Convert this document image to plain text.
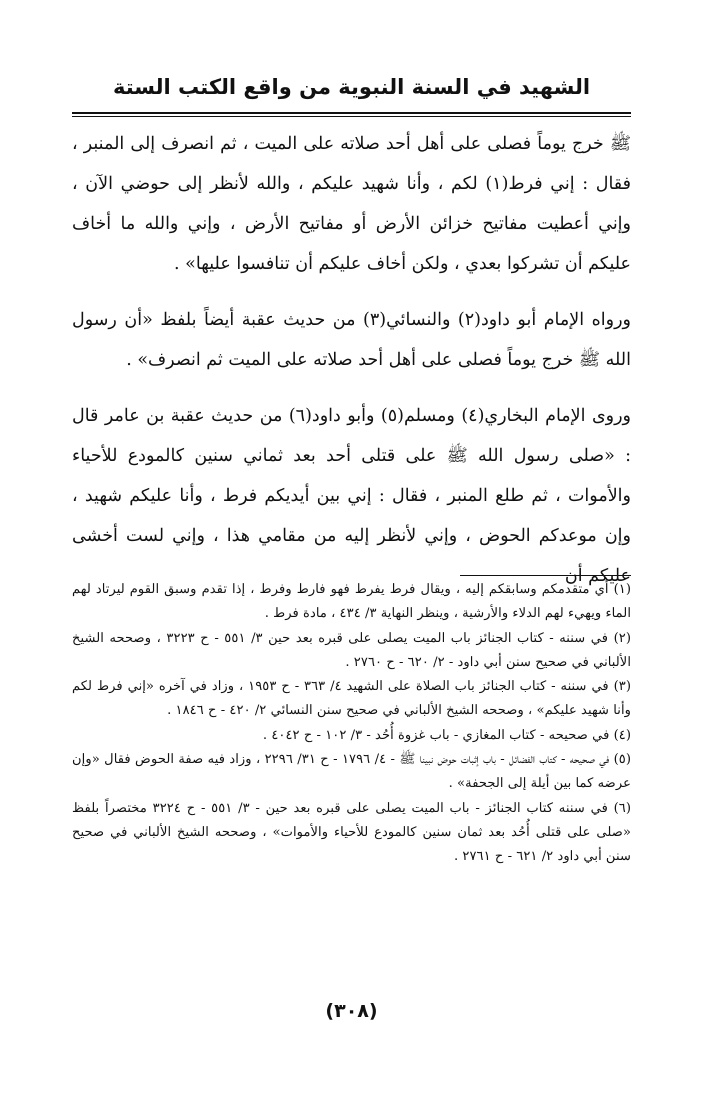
الشهيد في السنة النبوية من واقع الكتب الستة

ﷺ خرج يوماً فصلى على أهل أحد صلاته على الميت ، ثم انصرف إلى المنبر ، فقال : إني فرط(١) لكم ، وأنا شهيد عليكم ، والله لأنظر إلى حوضي الآن ، وإني أعطيت مفاتيح خزائن الأرض أو مفاتيح الأرض ، وإني والله ما أخاف عليكم أن تشركوا بعدي ، ولكن أخاف عليكم أن تنافسوا عليها» .

ورواه الإمام أبو داود(٢) والنسائي(٣) من حديث عقبة أيضاً بلفظ «أن رسول الله ﷺ خرج يوماً فصلى على أهل أحد صلاته على الميت ثم انصرف» .

وروى الإمام البخاري(٤) ومسلم(٥) وأبو داود(٦) من حديث عقبة بن عامر قال : «صلى رسول الله ﷺ على قتلى أحد بعد ثماني سنين كالمودع للأحياء والأموات ، ثم طلع المنبر ، فقال : إني بين أيديكم فرط ، وأنا عليكم شهيد ، وإن موعدكم الحوض ، وإني لأنظر إليه من مقامي هذا ، وإني لست أخشى عليكم أن

(١) أي متقدمكم وسابقكم إليه ، ويقال فرط يفرط فهو فارط وفرط ، إذا تقدم وسبق القوم ليرتاد لهم الماء ويهيء لهم الدلاء والأرشية ، وينظر النهاية ٣/ ٤٣٤ ، مادة فرط .

(٢) في سننه - كتاب الجنائز باب الميت يصلى على قبره بعد حين ٣/ ٥٥١ - ح ٣٢٢٣ ، وصححه الشيخ الألباني في صحيح سنن أبي داود - ٢/ ٦٢٠ - ح ٢٧٦٠ .

(٣) في سننه - كتاب الجنائز باب الصلاة على الشهيد ٤/ ٣٦٣ - ح ١٩٥٣ ، وزاد في آخره «إني فرط لكم وأنا شهيد عليكم» ، وصححه الشيخ الألباني في صحيح سنن النسائي ٢/ ٤٢٠ - ح ١٨٤٦ .

(٤) في صحيحه - كتاب المغازي - باب غزوة أُحُد - ٣/ ١٠٢ - ح ٤٠٤٢ .

(٥) في صحيحه - كتاب الفضائل - باب إثبات حوض نبينا ﷺ - ٤/ ١٧٩٦ - ح ٣١/ ٢٢٩٦ ، وزاد فيه صفة الحوض فقال «وإن عرضه كما بين أيلة إلى الجحفة» .

(٦) في سننه كتاب الجنائز - باب الميت يصلى على قبره بعد حين - ٣/ ٥٥١ - ح ٣٢٢٤ مختصراً بلفظ «صلى على قتلى أُحُد بعد ثمان سنين كالمودع للأحياء والأموات» ، وصححه الشيخ الألباني في صحيح سنن أبي داود ٢/ ٦٢١ - ح ٢٧٦١ .

(٣٠٨)
